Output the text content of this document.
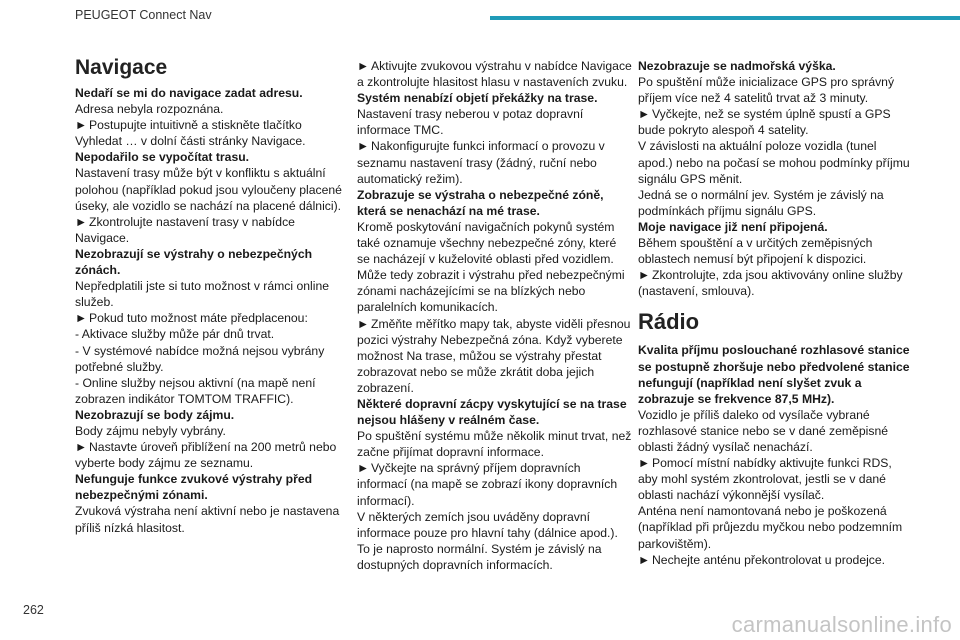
PEUGEOT Connect Nav
Navigace

Nedaří se mi do navigace zadat adresu.

Adresa nebyla rozpoznána.

► Postupujte intuitivně a stiskněte tlačítko Vyhledat … v dolní části stránky Navigace.

Nepodařilo se vypočítat trasu.

Nastavení trasy může být v konfliktu s aktuální polohou (například pokud jsou vyloučeny placené úseky, ale vozidlo se nachází na placené dálnici).

► Zkontrolujte nastavení trasy v nabídce Navigace.

Nezobrazují se výstrahy o nebezpečných zónách.

Nepředplatili jste si tuto možnost v rámci online služeb.

► Pokud tuto možnost máte předplacenou:

- Aktivace služby může pár dnů trvat.

- V systémové nabídce možná nejsou vybrány potřebné služby.

- Online služby nejsou aktivní (na mapě není zobrazen indikátor TOMTOM TRAFFIC).

Nezobrazují se body zájmu.

Body zájmu nebyly vybrány.

► Nastavte úroveň přiblížení na 200 metrů nebo vyberte body zájmu ze seznamu.

Nefunguje funkce zvukové výstrahy před nebezpečnými zónami.

Zvuková výstraha není aktivní nebo je nastavena příliš nízká hlasitost.

► Aktivujte zvukovou výstrahu v nabídce Navigace a zkontrolujte hlasitost hlasu v nastaveních zvuku.

Systém nenabízí objetí překážky na trase.

Nastavení trasy neberou v potaz dopravní informace TMC.

► Nakonfigurujte funkci informací o provozu v seznamu nastavení trasy (žádný, ruční nebo automatický režim).

Zobrazuje se výstraha o nebezpečné zóně, která se nenachází na mé trase.

Kromě poskytování navigačních pokynů systém také oznamuje všechny nebezpečné zóny, které se nacházejí v kuželovité oblasti před vozidlem. Může tedy zobrazit i výstrahu před nebezpečnými zónami nacházejícími se na blízkých nebo paralelních komunikacích.

► Změňte měřítko mapy tak, abyste viděli přesnou pozici výstrahy Nebezpečná zóna. Když vyberete možnost Na trase, můžou se výstrahy přestat zobrazovat nebo se může zkrátit doba jejich zobrazení.

Některé dopravní zácpy vyskytující se na trase nejsou hlášeny v reálném čase.

Po spuštění systému může několik minut trvat, než začne přijímat dopravní informace.

► Vyčkejte na správný příjem dopravních informací (na mapě se zobrazí ikony dopravních informací).

V některých zemích jsou uváděny dopravní informace pouze pro hlavní tahy (dálnice apod.). To je naprosto normální. Systém je závislý na dostupných dopravních informacích.

Nezobrazuje se nadmořská výška.

Po spuštění může inicializace GPS pro správný příjem více než 4 satelitů trvat až 3 minuty.

► Vyčkejte, než se systém úplně spustí a GPS bude pokryto alespoň 4 satelity.

V závislosti na aktuální poloze vozidla (tunel apod.) nebo na počasí se mohou podmínky příjmu signálu GPS měnit.

Jedná se o normální jev. Systém je závislý na podmínkách příjmu signálu GPS.

Moje navigace již není připojená.

Během spouštění a v určitých zeměpisných oblastech nemusí být připojení k dispozici.

► Zkontrolujte, zda jsou aktivovány online služby (nastavení, smlouva).

Rádio

Kvalita příjmu poslouchané rozhlasové stanice se postupně zhoršuje nebo předvolené stanice nefungují (například není slyšet zvuk a zobrazuje se frekvence 87,5 MHz).

Vozidlo je příliš daleko od vysílače vybrané rozhlasové stanice nebo se v dané zeměpisné oblasti žádný vysílač nenachází.

► Pomocí místní nabídky aktivujte funkci RDS, aby mohl systém zkontrolovat, jestli se v dané oblasti nachází výkonnější vysílač.

Anténa není namontovaná nebo je poškozená (například při průjezdu myčkou nebo podzemním parkovištěm).

► Nechejte anténu překontrolovat u prodejce.

262
carmanualsonline.info
